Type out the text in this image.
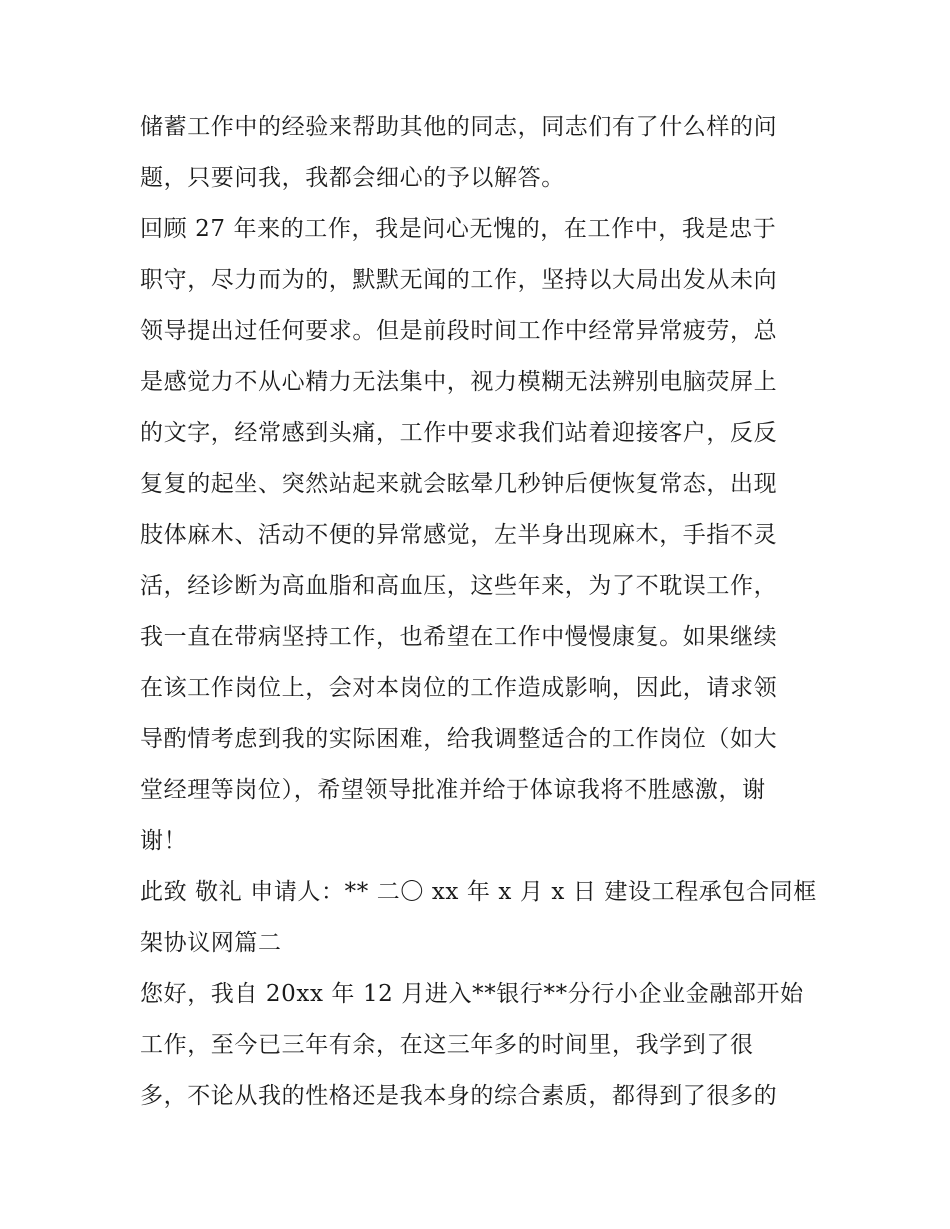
储蓄工作中的经验来帮助其他的同志，同志们有了什么样的问
题，只要问我，我都会细心的予以解答。
回顾 27 年来的工作，我是问心无愧的，在工作中，我是忠于
职守，尽力而为的，默默无闻的工作，坚持以大局出发从未向
领导提出过任何要求。但是前段时间工作中经常异常疲劳，总
是感觉力不从心精力无法集中，视力模糊无法辨别电脑荧屏上
的文字，经常感到头痛，工作中要求我们站着迎接客户，反反
复复的起坐、突然站起来就会眩晕几秒钟后便恢复常态，出现
肢体麻木、活动不便的异常感觉，左半身出现麻木，手指不灵
活，经诊断为高血脂和高血压，这些年来，为了不耽误工作，
我一直在带病坚持工作，也希望在工作中慢慢康复。如果继续
在该工作岗位上，会对本岗位的工作造成影响，因此，请求领
导酌情考虑到我的实际困难，给我调整适合的工作岗位（如大
堂经理等岗位），希望领导批准并给于体谅我将不胜感激，谢
谢！
此致 敬礼 申请人：** 二〇 xx 年 x 月 x 日 建设工程承包合同框
架协议网篇二
您好，我自 20xx 年 12 月进入**银行**分行小企业金融部开始
工作，至今已三年有余，在这三年多的时间里，我学到了很
多，不论从我的性格还是我本身的综合素质，都得到了很多的
